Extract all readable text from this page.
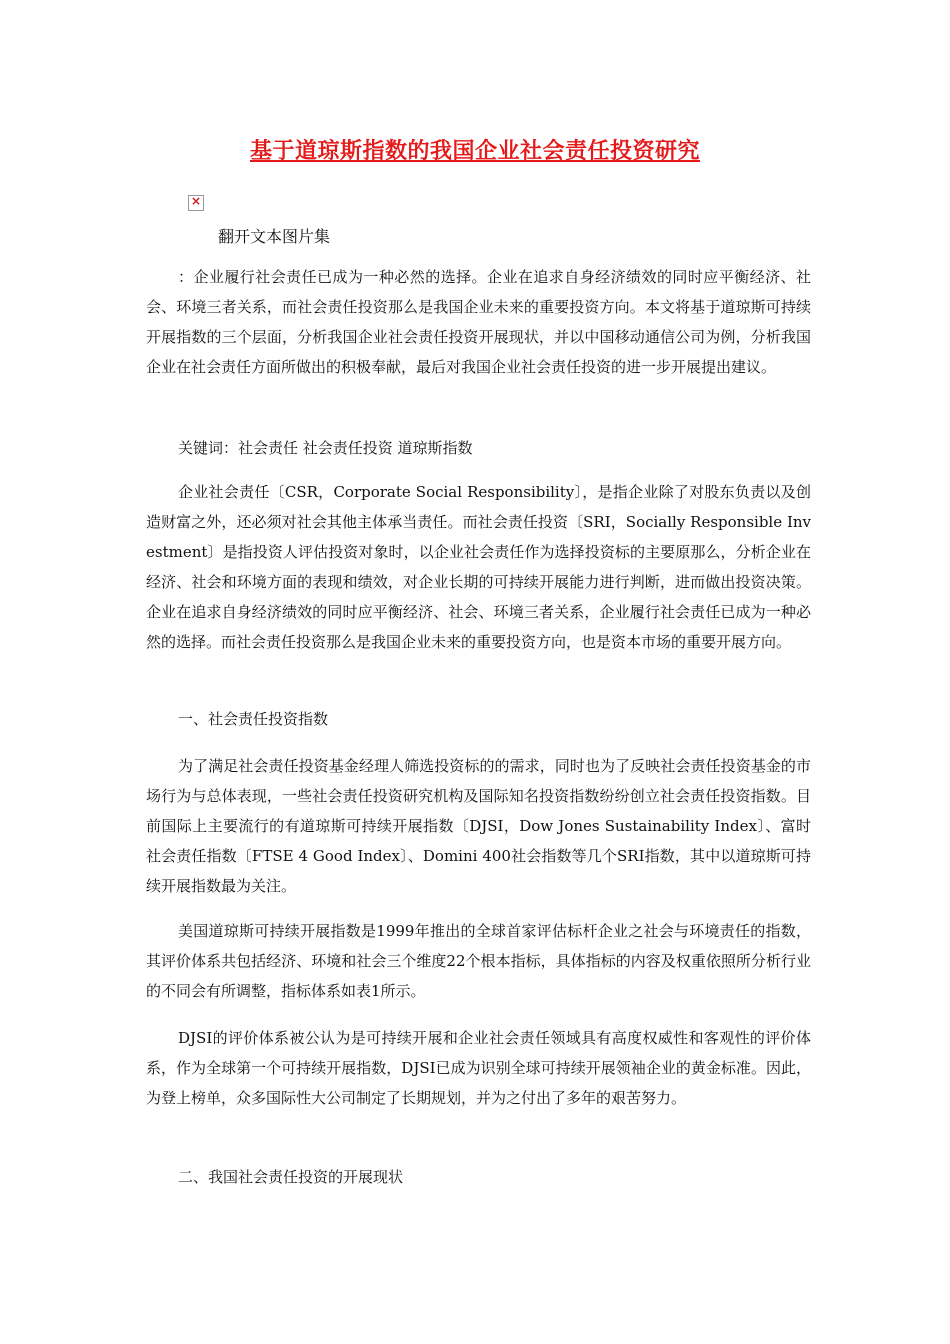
基于道琼斯指数的我国企业社会责任投资研究
×
翻开文本图片集

：企业履行社会责任已成为一种必然的选择。企业在追求自身经济绩效的同时应平衡经济、社会、环境三者关系，而社会责任投资那么是我国企业未来的重要投资方向。本文将基于道琼斯可持续开展指数的三个层面，分析我国企业社会责任投资开展现状，并以中国移动通信公司为例，分析我国企业在社会责任方面所做出的积极奉献，最后对我国企业社会责任投资的进一步开展提出建议。

关键词：社会责任 社会责任投资 道琼斯指数

企业社会责任〔CSR，Corporate Social Responsibility〕，是指企业除了对股东负责以及创造财富之外，还必须对社会其他主体承当责任。而社会责任投资〔SRI，Socially Responsible Investment〕是指投资人评估投资对象时，以企业社会责任作为选择投资标的主要原那么，分析企业在经济、社会和环境方面的表现和绩效，对企业长期的可持续开展能力进行判断，进而做出投资决策。企业在追求自身经济绩效的同时应平衡经济、社会、环境三者关系，企业履行社会责任已成为一种必然的选择。而社会责任投资那么是我国企业未来的重要投资方向，也是资本市场的重要开展方向。

一、社会责任投资指数

为了满足社会责任投资基金经理人筛选投资标的的需求，同时也为了反映社会责任投资基金的市场行为与总体表现，一些社会责任投资研究机构及国际知名投资指数纷纷创立社会责任投资指数。目前国际上主要流行的有道琼斯可持续开展指数〔DJSI，Dow Jones Sustainability Index〕、富时社会责任指数〔FTSE 4 Good Index〕、Domini 400社会指数等几个SRI指数，其中以道琼斯可持续开展指数最为关注。

美国道琼斯可持续开展指数是1999年推出的全球首家评估标杆企业之社会与环境责任的指数，其评价体系共包括经济、环境和社会三个维度22个根本指标，具体指标的内容及权重依照所分析行业的不同会有所调整，指标体系如表1所示。

DJSI的评价体系被公认为是可持续开展和企业社会责任领域具有高度权威性和客观性的评价体系，作为全球第一个可持续开展指数，DJSI已成为识别全球可持续开展领袖企业的黄金标准。因此，为登上榜单，众多国际性大公司制定了长期规划，并为之付出了多年的艰苦努力。

二、我国社会责任投资的开展现状
